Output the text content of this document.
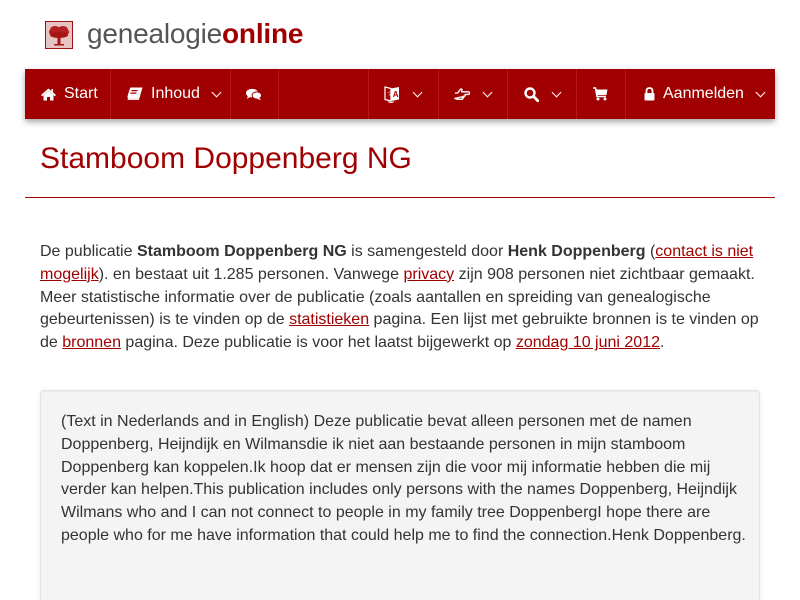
genealogieonline
Start	Inhoud	文 A	Aanmelden
Stamboom Doppenberg NG

De publicatie Stamboom Doppenberg NG is samengesteld door Henk Doppenberg (contact is niet mogelijk). en bestaat uit 1.285 personen. Vanwege privacy zijn 908 personen niet zichtbaar gemaakt. Meer statistische informatie over de publicatie (zoals aantallen en spreiding van genealogische gebeurtenissen) is te vinden op de statistieken pagina. Een lijst met gebruikte bronnen is te vinden op de bronnen pagina. Deze publicatie is voor het laatst bijgewerkt op zondag 10 juni 2012.

(Text in Nederlands and in English) Deze publicatie bevat alleen personen met de namen Doppenberg, Heijndijk en Wilmansdie ik niet aan bestaande personen in mijn stamboom Doppenberg kan koppelen.Ik hoop dat er mensen zijn die voor mij informatie hebben die mij verder kan helpen.This publication includes only persons with the names Doppenberg, Heijndijk Wilmans who and I can not connect to people in my family tree DoppenbergI hope there are people who for me have information that could help me to find the connection.Henk Doppenberg.
